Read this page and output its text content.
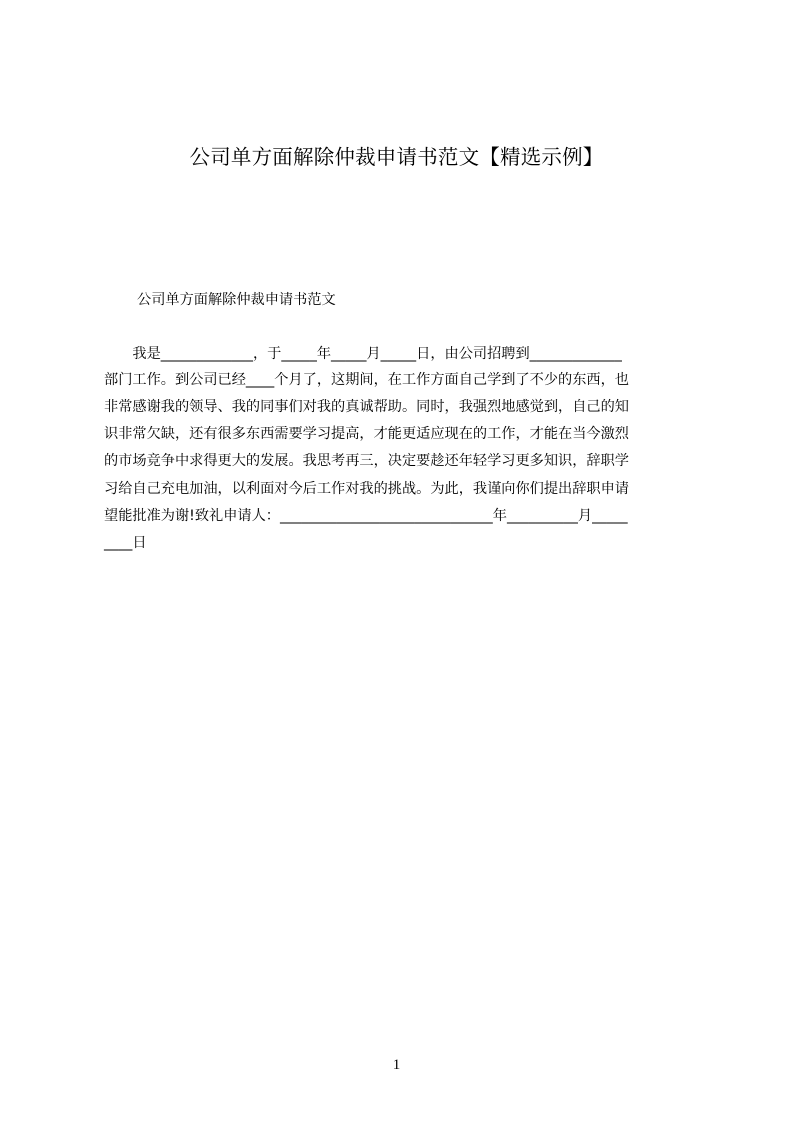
公司单方面解除仲裁申请书范文【精选示例】
公司单方面解除仲裁申请书范文
　　我是_____________，于_____年_____月_____日，由公司招聘到_____________
部门工作。到公司已经____个月了，这期间，在工作方面自己学到了不少的东西，也
非常感谢我的领导、我的同事们对我的真诚帮助。同时，我强烈地感觉到，自己的知
识非常欠缺，还有很多东西需要学习提高，才能更适应现在的工作，才能在当今激烈
的市场竞争中求得更大的发展。我思考再三，决定要趁还年轻学习更多知识，辞职学
习给自己充电加油，以利面对今后工作对我的挑战。为此，我谨向你们提出辞职申请
望能批准为谢!致礼申请人：______________________________年__________月_____
____日
1
